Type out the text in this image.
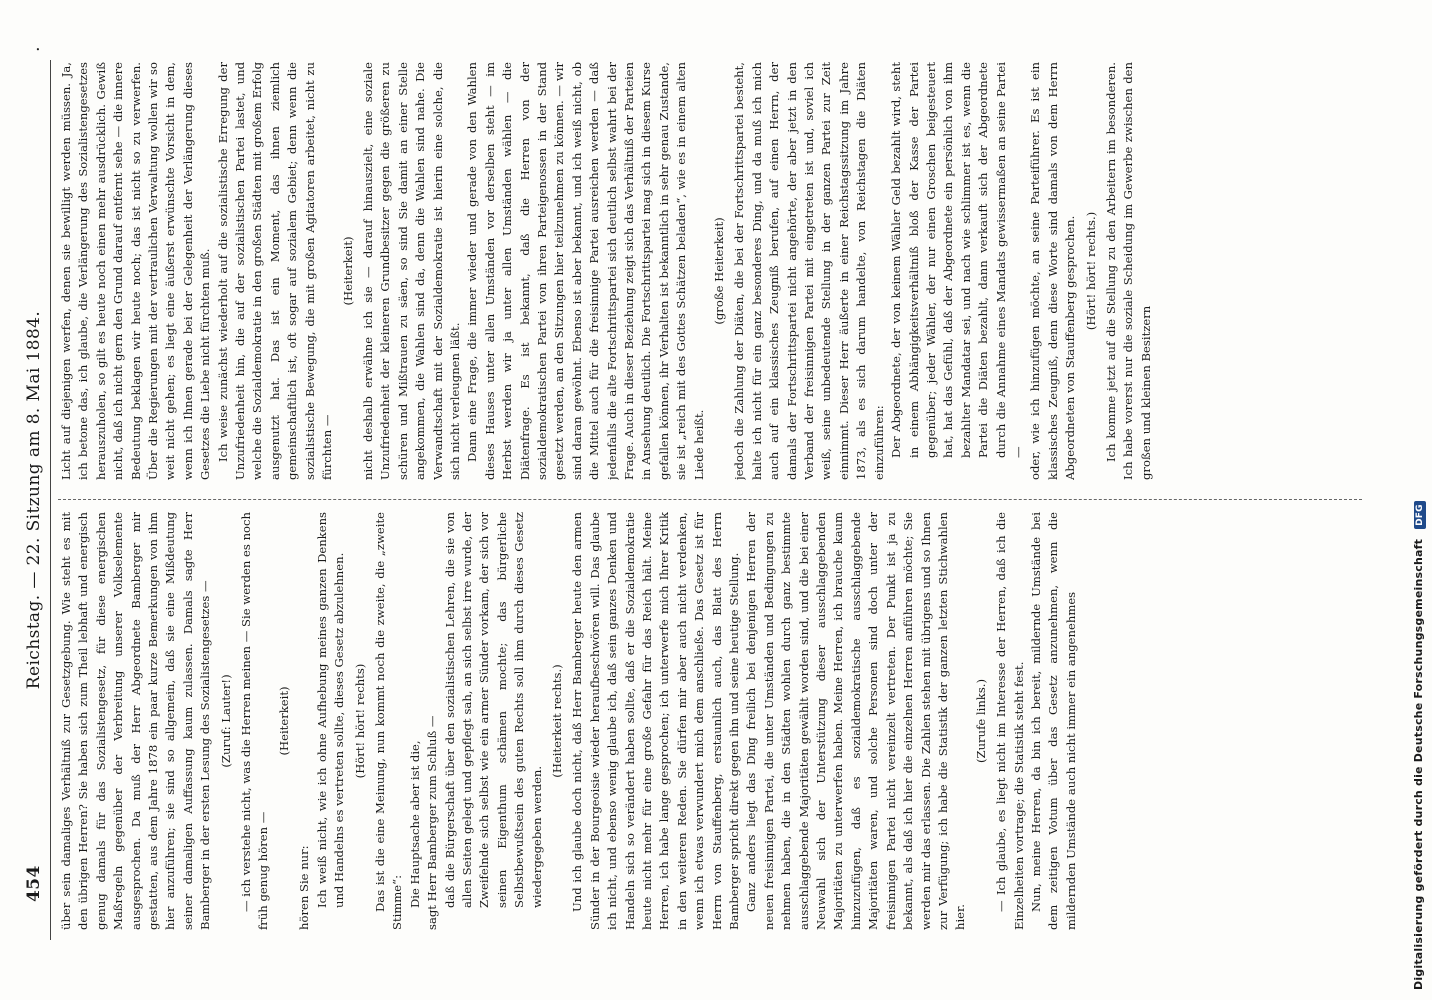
454
Reichstag. — 22. Sitzung am 8. Mai 1884.
.

über sein damaliges Verhältniß zur Gesetzgebung. Wie steht es mit den übrigen Herren? Sie haben sich zum Theil lebhaft und energisch genug damals für das Sozialistengesetz, für diese energischen Maßregeln gegenüber der Verbreitung unserer Volkselemente ausgesprochen. Da muß der Herr Abgeordnete Bamberger mir gestatten, aus dem Jahre 1878 ein paar kurze Bemerkungen von ihm hier anzuführen; sie sind so allgemein, daß sie eine Mißdeutung seiner damaligen Auffassung kaum zulassen. Damals sagte Herr Bamberger in der ersten Lesung des Sozialistengesetzes — (Zuruf: Lauter!) — ich verstehe nicht, was die Herren meinen — Sie werden es noch früh genug hören —

(Heiterkeit)

hören Sie nur: Ich weiß nicht, wie ich ohne Aufhebung meines ganzen Denkens und Handelns es vertreten sollte, dieses Gesetz abzulehnen. (Hört! hört! rechts) Das ist die eine Meinung, nun kommt noch die zweite, die „zweite Stimme“: Die Hauptsache aber ist die, sagt Herr Bamberger zum Schluß — daß die Bürgerschaft über den sozialistischen Lehren, die sie von allen Seiten gelegt und gepflegt sah, an sich selbst irre wurde, der Zweifelnde sich selbst wie ein armer Sünder vorkam, der sich vor seinen Eigenthum schämen mochte; das bürgerliche Selbstbewußtsein des guten Rechts soll ihm durch dieses Gesetz wiedergegeben werden.

(Heiterkeit rechts.) Und ich glaube doch nicht, daß Herr Bamberger heute den armen Sünder in der Bourgeoisie wieder heraufbeschwören will. Das glaube ich nicht, und ebenso wenig glaube ich, daß sein ganzes Denken und Handeln sich so verändert haben sollte, daß er die Sozialdemokratie heute nicht mehr für eine große Gefahr für das Reich hält. Meine Herren, ich habe lange gesprochen; ich unterwerfe mich Ihrer Kritik in den weiteren Reden. Sie dürfen mir aber auch nicht verdenken, wenn ich etwas verwundert mich dem anschließe. Das Gesetz ist für Herrn von Stauffenberg, erstaunlich auch, das Blatt des Herrn Bamberger spricht direkt gegen ihn und seine heutige Stellung. Ganz anders liegt das Ding freilich bei denjenigen Herren der neuen freisinnigen Partei, die unter Umständen und Bedingungen zu nehmen haben, die in den Städten wohlen durch ganz bestimmte ausschlaggebende Majoritäten gewählt worden sind, und die bei einer Neuwahl sich der Unterstützung dieser ausschlaggebenden Majoritäten zu unterwerfen haben. Meine Herren, ich brauche kaum hinzuzufügen, daß es sozialdemokratische ausschlaggebende Majoritäten waren, und solche Personen sind doch unter der freisinnigen Partei nicht vereinzelt vertreten. Der Punkt ist ja zu bekannt, als daß ich hier die einzelnen Herren anführen möchte; Sie werden mir das erlassen. Die Zahlen stehen mit übrigens und so Ihnen zur Verfügung; ich habe die Statistik der ganzen letzten Stichwahlen hier.

(Zurufe links.) — Ich glaube, es liegt nicht im Interesse der Herren, daß ich die Einzelheiten vortrage; die Statistik steht fest. Nun, meine Herren, da bin ich bereit, mildernde Umstände bei dem zeitigen Votum über das Gesetz anzunehmen, wenn die mildernden Umstände auch nicht immer ein angenehmes

Licht auf diejenigen werfen, denen sie bewilligt werden müssen. Ja, ich betone das, ich glaube, die Verlängerung des Sozialistengesetzes herauszuholen, so gilt es heute noch einen mehr ausdrücklich. Gewiß nicht, daß ich nicht gern den Grund darauf entfernt sehe — die innere Bedeutung beklagen wir heute noch; das ist nicht so zu verwerfen. Über die Regierungen mit der vertraulichen Verwaltung wollen wir so weit nicht gehen; es liegt eine äußerst erwünschte Vorsicht in dem, wenn ich Ihnen gerade bei der Gelegenheit der Verlängerung dieses Gesetzes die Liebe nicht fürchten muß. Ich weise zunächst wiederholt auf die sozialistische Erregung der Unzufriedenheit hin, die auf der sozialistischen Partei lastet, und welche die Sozialdemokratie in den großen Städten mit großem Erfolg ausgenutzt hat. Das ist ein Moment, das ihnen ziemlich gemeinschaftlich ist, oft sogar auf sozialem Gebiet; denn wenn die sozialistische Bewegung, die mit großen Agitatoren arbeitet, nicht zu fürchten —

(Heiterkeit) nicht deshalb erwähne ich sie — darauf hinauszielt, eine soziale Unzufriedenheit der kleineren Grundbesitzer gegen die größeren zu schüren und Mißtrauen zu säen, so sind Sie damit an einer Stelle angekommen, die Wahlen sind da, denn die Wahlen sind nahe. Die Verwandtschaft mit der Sozialdemokratie ist hierin eine solche, die sich nicht verleugnen läßt. Dann eine Frage, die immer wieder und gerade von den Wahlen dieses Hauses unter allen Umständen vor derselben steht — im Herbst werden wir ja unter allen Umständen wählen — die Diätenfrage. Es ist bekannt, daß die Herren von der sozialdemokratischen Partei von ihren Parteigenossen in der Stand gesetzt werden, an den Sitzungen hier teilzunehmen zu können. — wir sind daran gewöhnt. Ebenso ist aber bekannt, und ich weiß nicht, ob die Mittel auch für die freisinnige Partei ausreichen werden — daß jedenfalls die alte Fortschrittspartei sich deutlich selbst wahrt bei der Frage. Auch in dieser Beziehung zeigt sich das Verhältniß der Parteien in Ansehung deutlich. Die Fortschrittspartei mag sich in diesem Kurse gefallen können, ihr Verhalten ist bekanntlich in sehr genau Zustande, sie ist „reich mit des Gottes Schätzen beladen“, wie es in einem alten Liede heißt.

(große Heiterkeit) jedoch die Zahlung der Diäten, die bei der Fortschrittspartei besteht, halte ich nicht für ein ganz besonderes Ding, und da muß ich mich auch auf ein klassisches Zeugniß berufen, auf einen Herrn, der damals der Fortschrittspartei nicht angehörte, der aber jetzt in den Verband der freisinnigen Partei mit eingetreten ist und, soviel ich weiß, seine unbedeutende Stellung in der ganzen Partei zur Zeit einnimmt. Dieser Herr äußerte in einer Reichstagssitzung im Jahre 1873, als es sich darum handelte, von Reichstagen die Diäten einzuführen: Der Abgeordnete, der von keinem Wähler Geld bezahlt wird, steht in einem Abhängigkeitsverhältniß bloß der Kasse der Partei gegenüber; jeder Wähler, der nur einen Groschen beigesteuert hat, hat das Gefühl, daß der Abgeordnete ein persönlich von ihm bezahlter Mandatar sei, und nach wie schlimmer ist es, wenn die Partei die Diäten bezahlt, dann verkauft sich der Abgeordnete durch die Annahme eines Mandats gewissermaßen an seine Partei — oder, wie ich hinzufügen möchte, an seine Parteiführer. Es ist ein klassisches Zeugniß, denn diese Worte sind damals von dem Herrn Abgeordneten von Stauffenberg gesprochen. (Hört! hört! rechts.) Ich komme jetzt auf die Stellung zu den Arbeitern im besonderen. Ich habe vorerst nur die soziale Scheidung im Gewerbe zwischen den großen und kleinen Besitzern

Digitalisierung gefördert durch die Deutsche Forschungsgemeinschaft DFG
